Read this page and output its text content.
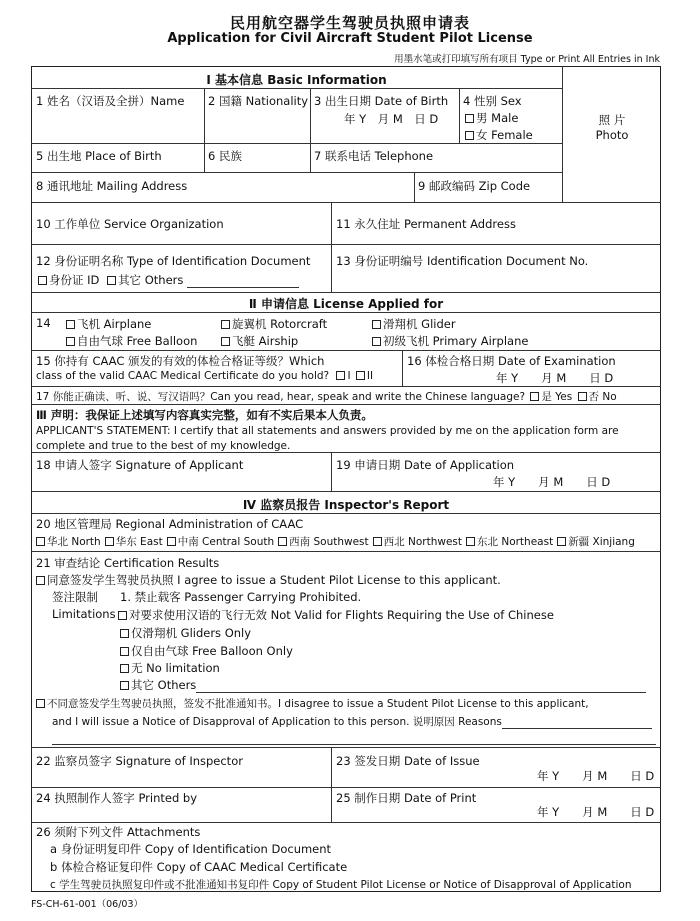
民用航空器学生驾驶员执照申请表
Application for Civil Aircraft Student Pilot License
用墨水笔或打印填写所有项目 Type or Print All Entries in Ink
Ⅰ 基本信息 Basic Information
1 姓名（汉语及全拼）Name 2 国籍 Nationality 3 出生日期 Date of Birth
年 Y　月 M　日 D
4 性别 Sex
男 Male
女 Female
照 片
Photo
5 出生地 Place of Birth	6 民族	7 联系电话 Telephone
8 通讯地址 Mailing Address	9 邮政编码 Zip Code
10 工作单位 Service Organization	11 永久住址 Permanent Address
12 身份证明名称 Type of Identification Document
身份证 ID 其它 Others
13 身份证明编号 Identification Document No.
Ⅱ 申请信息 License Applied for
14	飞机 Airplane	旋翼机 Rotorcraft	滑翔机 Glider
自由气球 Free Balloon	飞艇 Airship	初级飞机 Primary Airplane
15 你持有 CAAC 颁发的有效的体检合格证等级？Which
class of the valid CAAC Medical Certificate do you hold? I II
16 体检合格日期 Date of Examination
年 Y　　月 M　　日 D
17 你能正确读、听、说、写汉语吗？Can you read, hear, speak and write the Chinese language? 是 Yes 否 No
Ⅲ 声明：我保证上述填写内容真实完整，如有不实后果本人负责。
APPLICANT'S STATEMENT: I certify that all statements and answers provided by me on the application form are complete and true to the best of my knowledge.
18 申请人签字 Signature of Applicant	19 申请日期 Date of Application
年 Y　　月 M　　日 D
Ⅳ 监察员报告 Inspector's Report
20 地区管理局 Regional Administration of CAAC
华北 North 华东 East 中南 Central South 西南 Southwest 西北 Northwest 东北 Northeast 新疆 Xinjiang
21 审查结论 Certification Results
同意签发学生驾驶员执照 I agree to issue a Student Pilot License to this applicant.
签注限制 1. 禁止载客 Passenger Carrying Prohibited.
Limitations	对要求使用汉语的飞行无效 Not Valid for Flights Requiring the Use of Chinese
仅滑翔机 Gliders Only
仅自由气球 Free Balloon Only
无 No limitation
其它 Others
不同意签发学生驾驶员执照，签发不批准通知书。I disagree to issue a Student Pilot License to this applicant,
and I will issue a Notice of Disapproval of Application to this person. 说明原因 Reasons
22 监察员签字 Signature of Inspector	23 签发日期 Date of Issue
年 Y　　月 M　　日 D
24 执照制作人签字 Printed by	25 制作日期 Date of Print
年 Y　　月 M　　日 D
26 须附下列文件 Attachments
a 身份证明复印件 Copy of Identification Document
b 体检合格证复印件 Copy of CAAC Medical Certificate
c 学生驾驶员执照复印件或不批准通知书复印件 Copy of Student Pilot License or Notice of Disapproval of Application
FS-CH-61-001（06/03）
